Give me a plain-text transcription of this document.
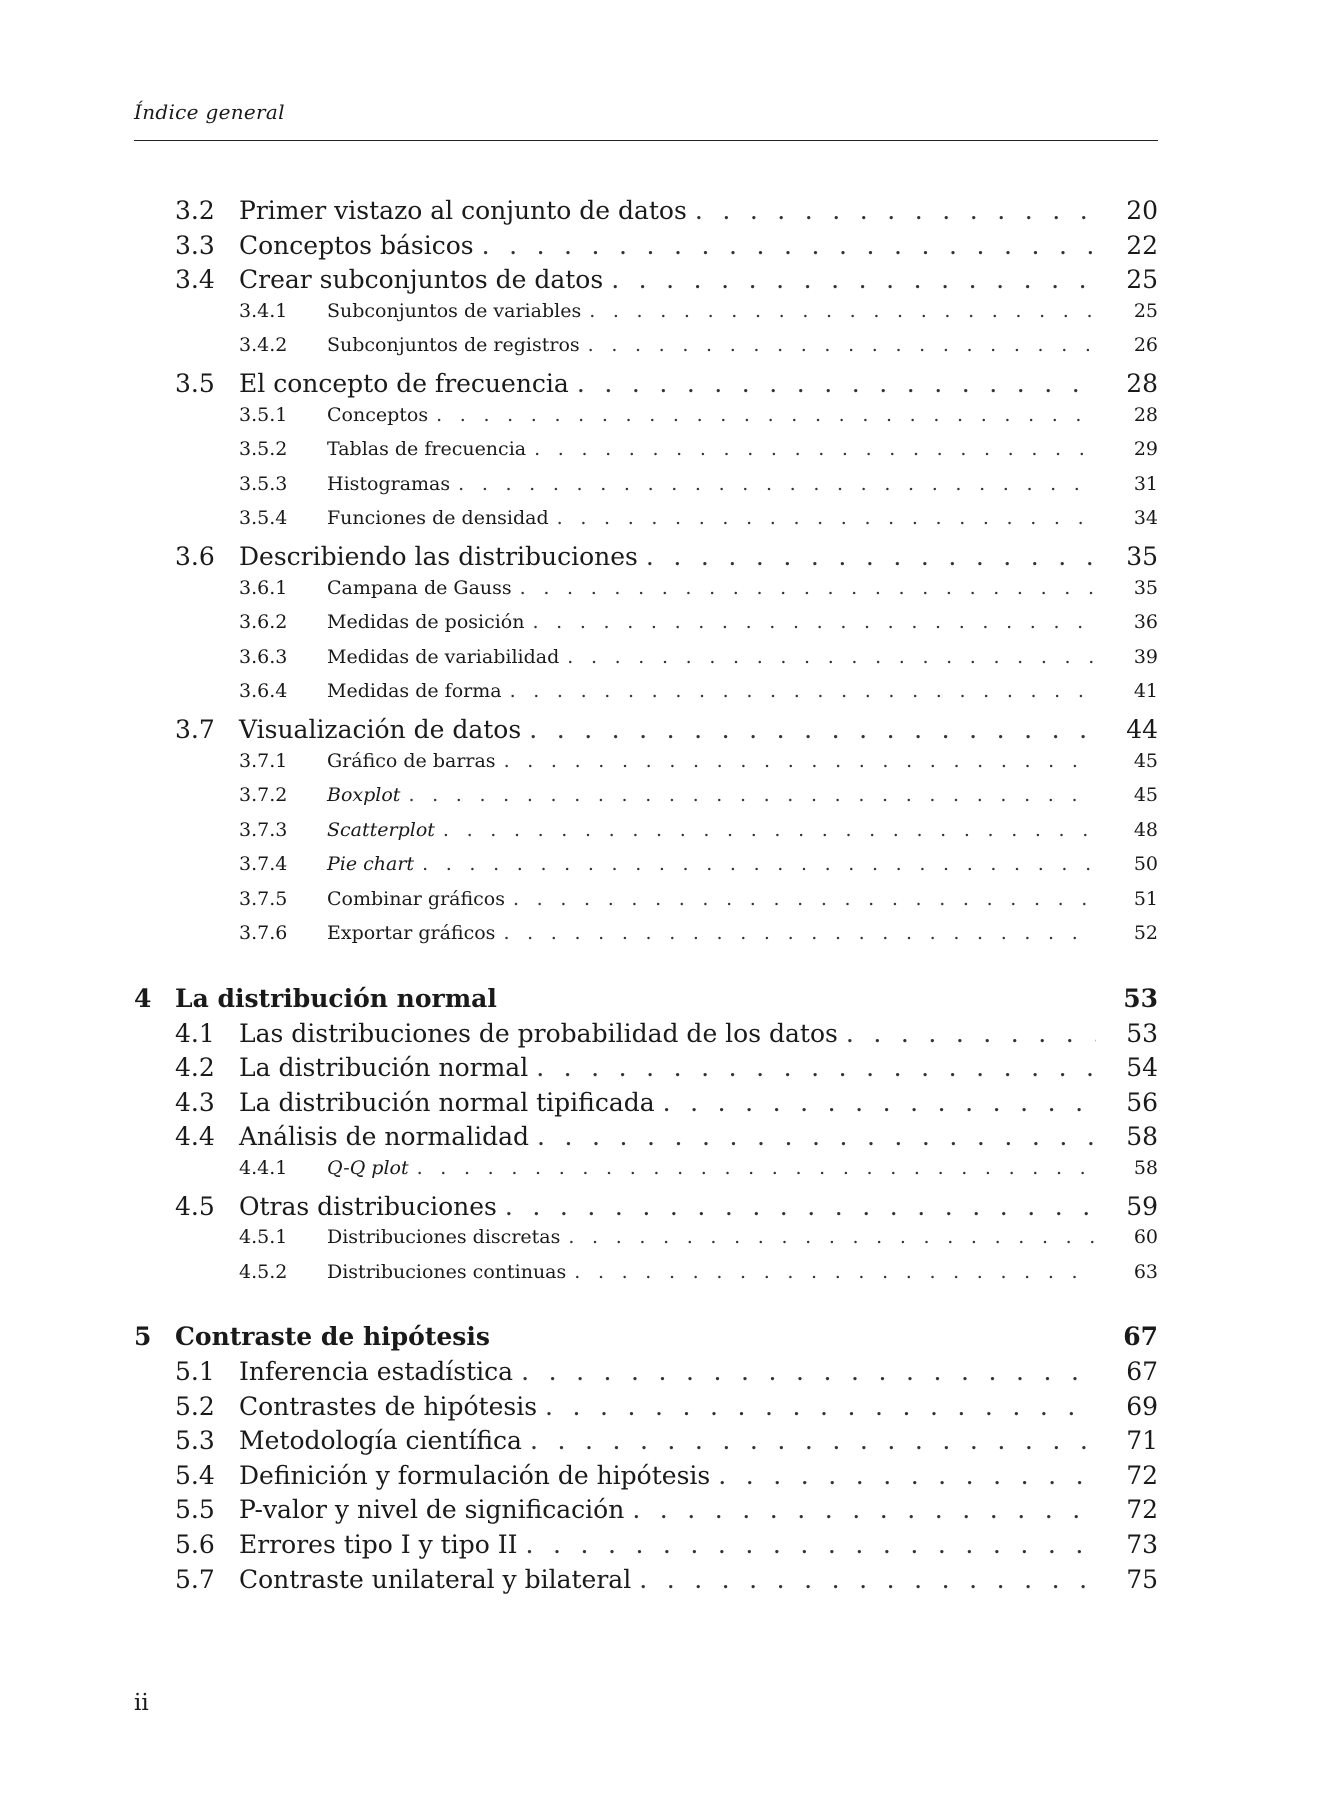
Índice general
3.2 Primer vistazo al conjunto de datos . . .	20
3.3 Conceptos básicos . . .	22
3.4 Crear subconjuntos de datos . . .	25
3.4.1	Subconjuntos de variables . . .	25
3.4.2	Subconjuntos de registros . . .	26
3.5 El concepto de frecuencia . . .	28
3.5.1	Conceptos . . .	28
3.5.2	Tablas de frecuencia . . .	29
3.5.3	Histogramas . . .	31
3.5.4	Funciones de densidad . . .	34
3.6 Describiendo las distribuciones . . .	35
3.6.1	Campana de Gauss . . .	35
3.6.2	Medidas de posición . . .	36
3.6.3	Medidas de variabilidad . . .	39
3.6.4	Medidas de forma . . .	41
3.7 Visualización de datos . . .	44
3.7.1	Gráfico de barras . . .	45
3.7.2	Boxplot . . .	45
3.7.3	Scatterplot . . .	48
3.7.4	Pie chart . . .	50
3.7.5	Combinar gráficos . . .	51
3.7.6	Exportar gráficos . . .	52
4 La distribución normal	53
4.1 Las distribuciones de probabilidad de los datos . . .	53
4.2 La distribución normal . . .	54
4.3 La distribución normal tipificada . . .	56
4.4 Análisis de normalidad . . .	58
4.4.1	Q-Q plot . . .	58
4.5 Otras distribuciones . . .	59
4.5.1	Distribuciones discretas . . .	60
4.5.2	Distribuciones continuas . . .	63
5 Contraste de hipótesis	67
5.1 Inferencia estadística . . .	67
5.2 Contrastes de hipótesis . . .	69
5.3 Metodología científica . . .	71
5.4 Definición y formulación de hipótesis . . .	72
5.5 P-valor y nivel de significación . . .	72
5.6 Errores tipo I y tipo II . . .	73
5.7 Contraste unilateral y bilateral . . .	75
ii
